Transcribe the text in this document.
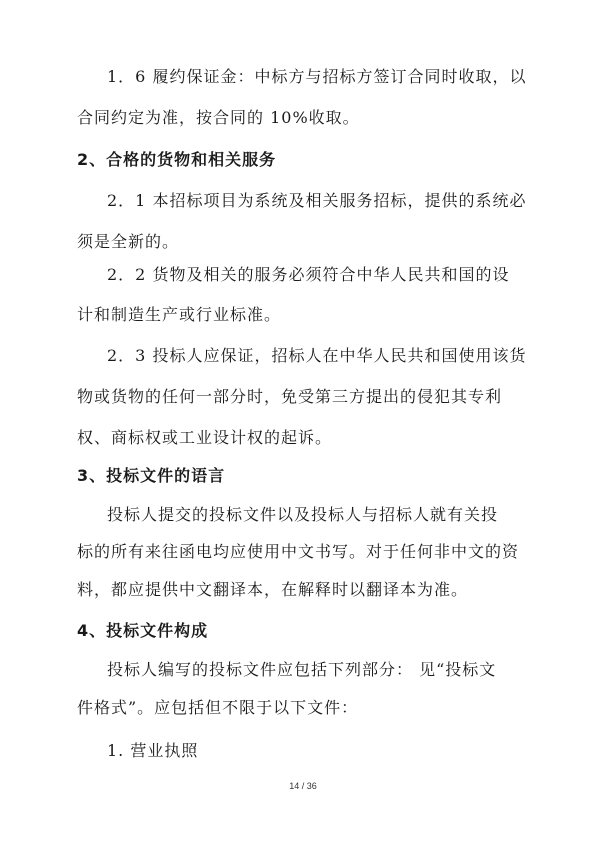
1．6 履约保证金：中标方与招标方签订合同时收取，以
合同约定为准，按合同的 10%收取。
2、合格的货物和相关服务
2．1 本招标项目为系统及相关服务招标，提供的系统必
须是全新的。
2．2 货物及相关的服务必须符合中华人民共和国的设
计和制造生产或行业标准。
2．3 投标人应保证，招标人在中华人民共和国使用该货
物或货物的任何一部分时，免受第三方提出的侵犯其专利
权、商标权或工业设计权的起诉。
3、投标文件的语言
投标人提交的投标文件以及投标人与招标人就有关投
标的所有来往函电均应使用中文书写。对于任何非中文的资
料，都应提供中文翻译本，在解释时以翻译本为准。
4、投标文件构成
投标人编写的投标文件应包括下列部分： 见“投标文
件格式”。应包括但不限于以下文件：
1. 营业执照
14 / 36
